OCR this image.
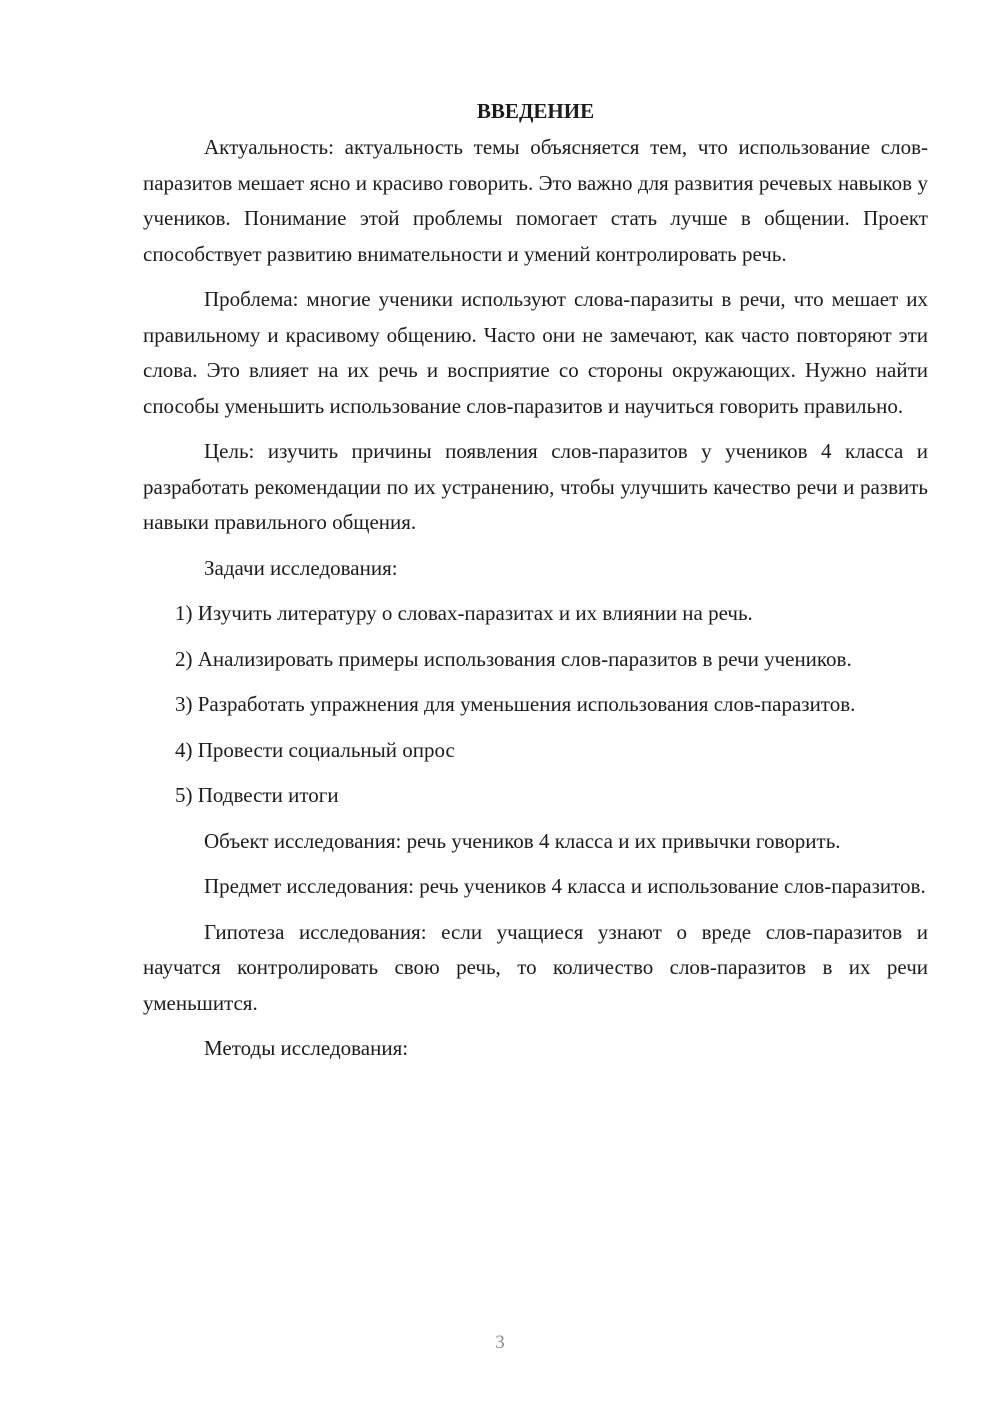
ВВЕДЕНИЕ

Актуальность: актуальность темы объясняется тем, что использование слов-паразитов мешает ясно и красиво говорить. Это важно для развития речевых навыков у учеников. Понимание этой проблемы помогает стать лучше в общении. Проект способствует развитию внимательности и умений контролировать речь.

Проблема: многие ученики используют слова-паразиты в речи, что мешает их правильному и красивому общению. Часто они не замечают, как часто повторяют эти слова. Это влияет на их речь и восприятие со стороны окружающих. Нужно найти способы уменьшить использование слов-паразитов и научиться говорить правильно.

Цель: изучить причины появления слов-паразитов у учеников 4 класса и разработать рекомендации по их устранению, чтобы улучшить качество речи и развить навыки правильного общения.

Задачи исследования:

1) Изучить литературу о словах-паразитах и их влиянии на речь.

2) Анализировать примеры использования слов-паразитов в речи учеников.

3) Разработать упражнения для уменьшения использования слов-паразитов.

4) Провести социальный опрос

5) Подвести итоги

Объект исследования: речь учеников 4 класса и их привычки говорить.

Предмет исследования: речь учеников 4 класса и использование слов-паразитов.

Гипотеза исследования: если учащиеся узнают о вреде слов-паразитов и научатся контролировать свою речь, то количество слов-паразитов в их речи уменьшится.

Методы исследования:

3
